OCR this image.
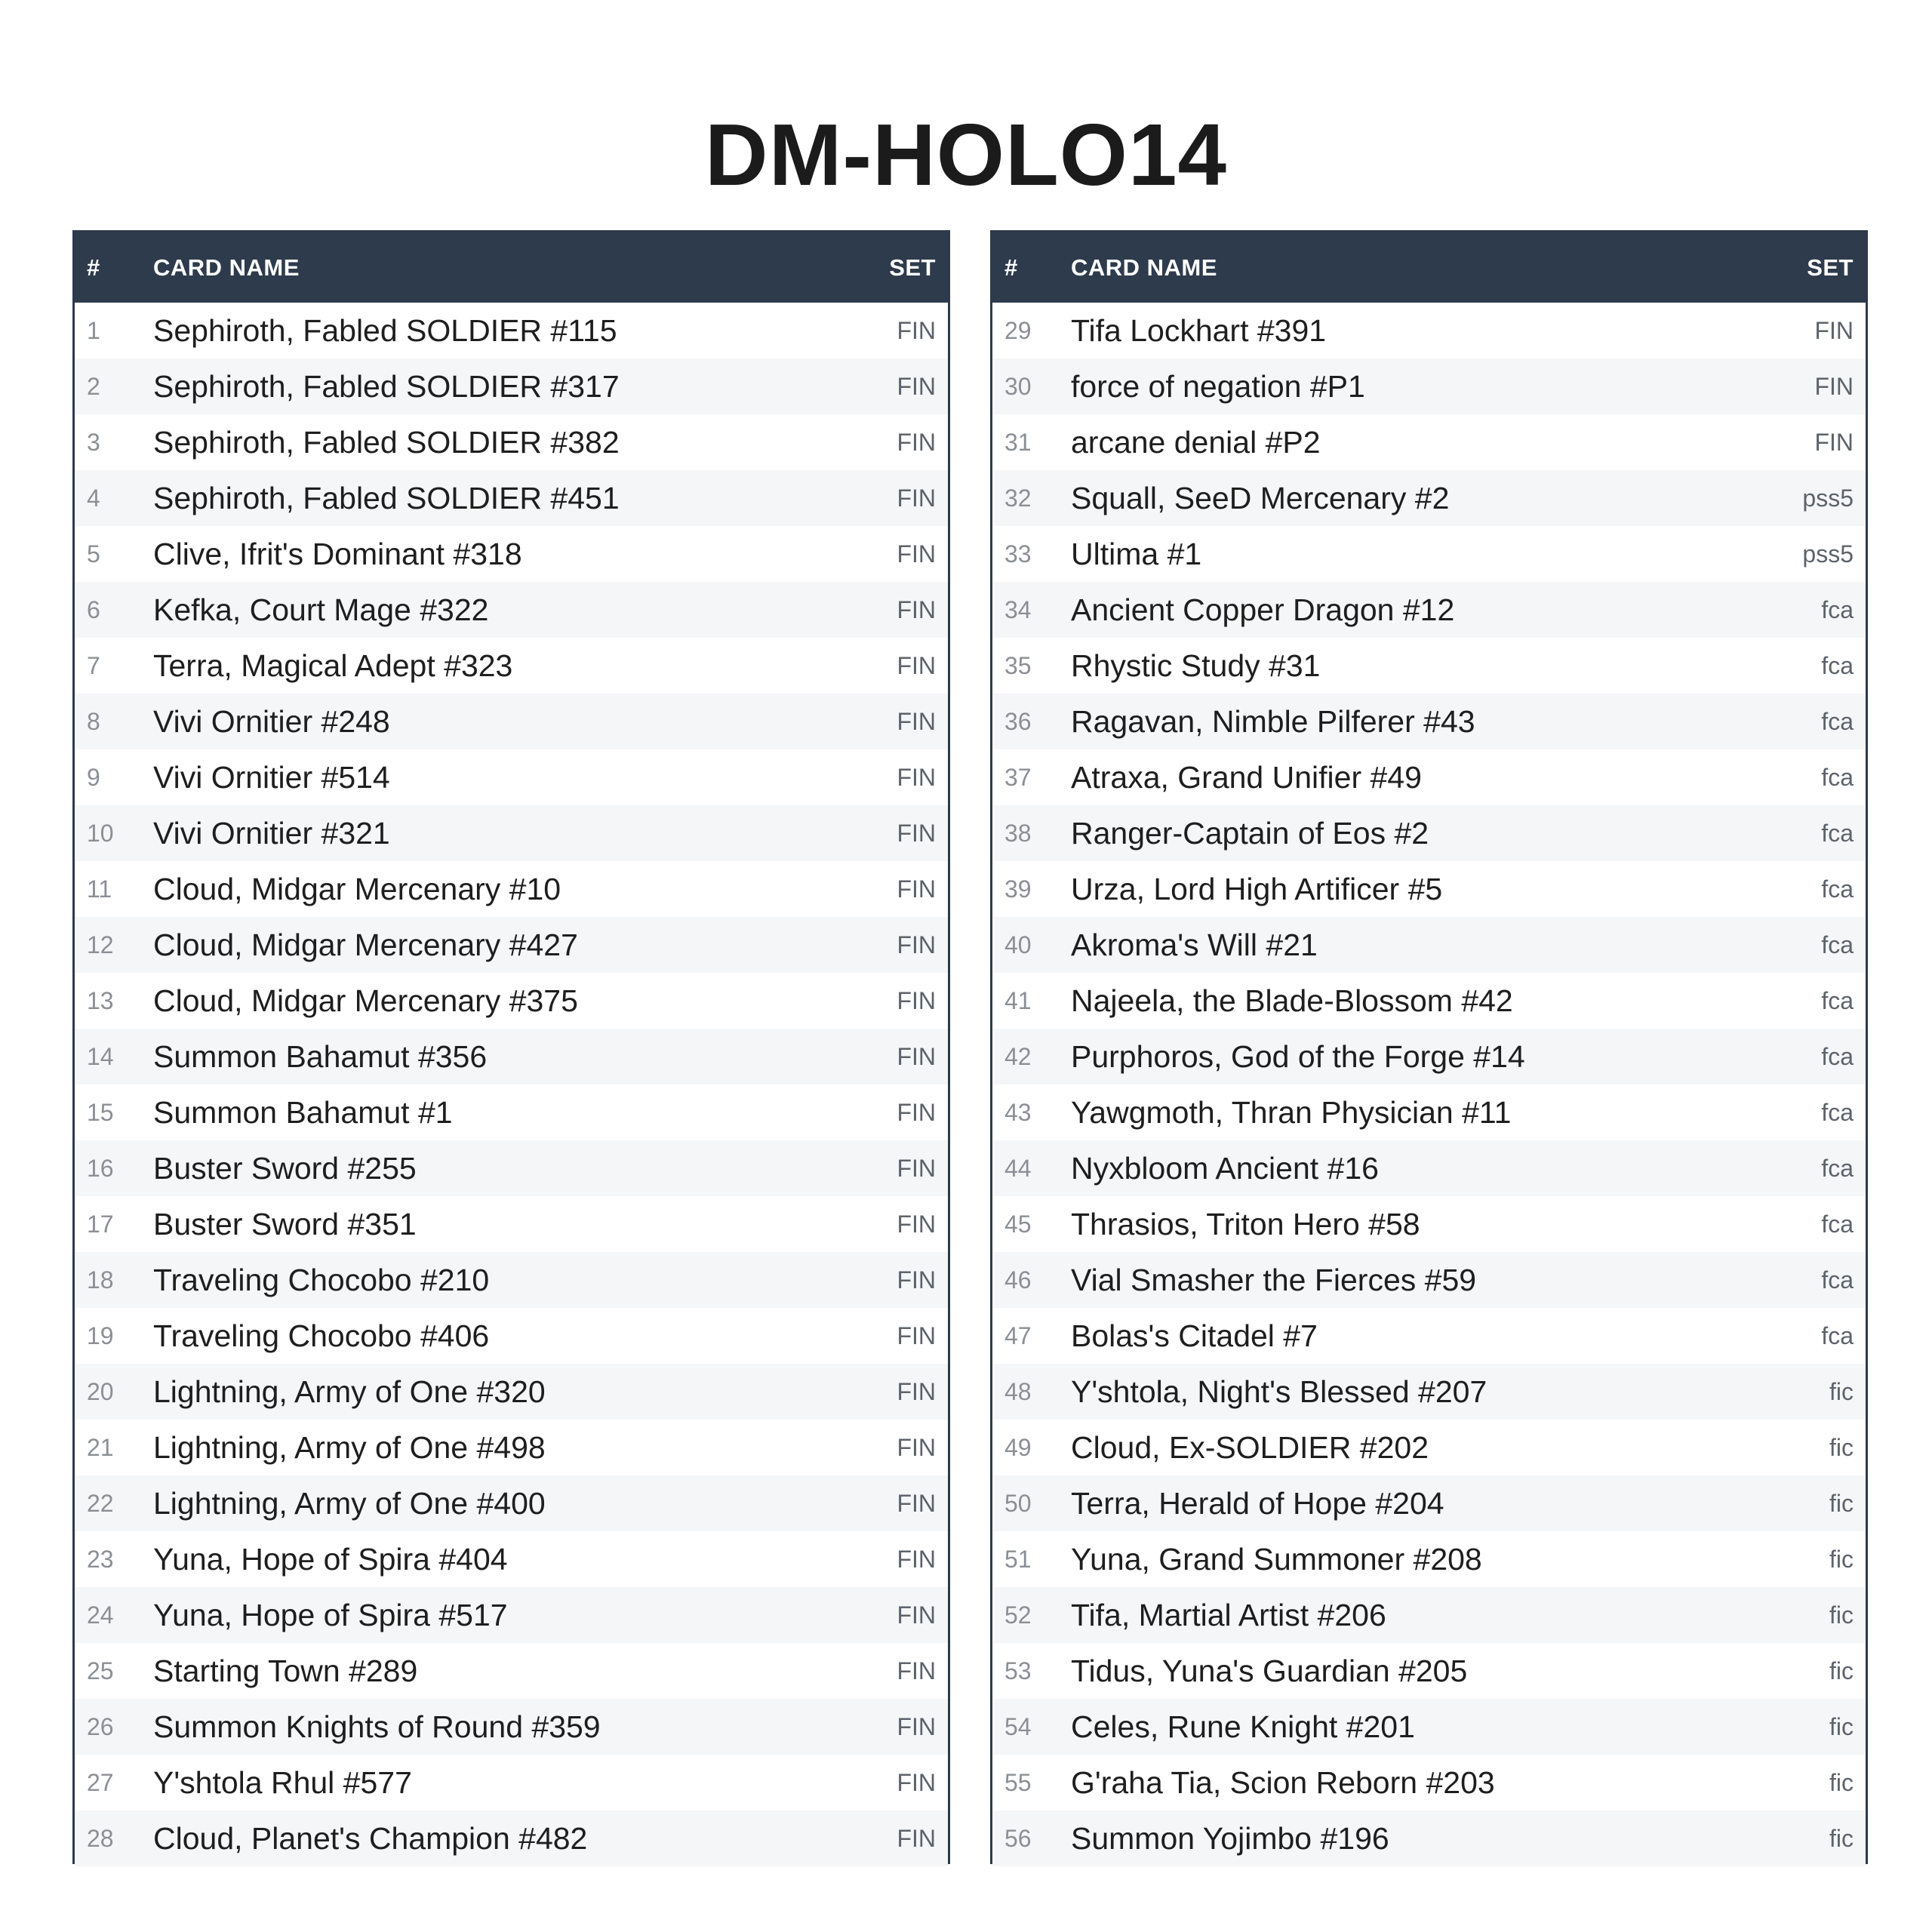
DM-HOLO14
#	CARD NAME	SET
1	Sephiroth, Fabled SOLDIER #115	FIN
2	Sephiroth, Fabled SOLDIER #317	FIN
3	Sephiroth, Fabled SOLDIER #382	FIN
4	Sephiroth, Fabled SOLDIER #451	FIN
5	Clive, Ifrit's Dominant #318	FIN
6	Kefka, Court Mage #322	FIN
7	Terra, Magical Adept #323	FIN
8	Vivi Ornitier #248	FIN
9	Vivi Ornitier #514	FIN
10	Vivi Ornitier #321	FIN
11	Cloud, Midgar Mercenary #10	FIN
12	Cloud, Midgar Mercenary #427	FIN
13	Cloud, Midgar Mercenary #375	FIN
14	Summon Bahamut #356	FIN
15	Summon Bahamut #1	FIN
16	Buster Sword #255	FIN
17	Buster Sword #351	FIN
18	Traveling Chocobo #210	FIN
19	Traveling Chocobo #406	FIN
20	Lightning, Army of One #320	FIN
21	Lightning, Army of One #498	FIN
22	Lightning, Army of One #400	FIN
23	Yuna, Hope of Spira #404	FIN
24	Yuna, Hope of Spira #517	FIN
25	Starting Town #289	FIN
26	Summon Knights of Round #359	FIN
27	Y'shtola Rhul #577	FIN
28	Cloud, Planet's Champion #482	FIN
#	CARD NAME	SET
29	Tifa Lockhart #391	FIN
30	force of negation #P1	FIN
31	arcane denial #P2	FIN
32	Squall, SeeD Mercenary #2	pss5
33	Ultima #1	pss5
34	Ancient Copper Dragon #12	fca
35	Rhystic Study #31	fca
36	Ragavan, Nimble Pilferer #43	fca
37	Atraxa, Grand Unifier #49	fca
38	Ranger-Captain of Eos #2	fca
39	Urza, Lord High Artificer #5	fca
40	Akroma's Will #21	fca
41	Najeela, the Blade-Blossom #42	fca
42	Purphoros, God of the Forge #14	fca
43	Yawgmoth, Thran Physician #11	fca
44	Nyxbloom Ancient #16	fca
45	Thrasios, Triton Hero #58	fca
46	Vial Smasher the Fierces #59	fca
47	Bolas's Citadel #7	fca
48	Y'shtola, Night's Blessed #207	fic
49	Cloud, Ex-SOLDIER #202	fic
50	Terra, Herald of Hope #204	fic
51	Yuna, Grand Summoner #208	fic
52	Tifa, Martial Artist #206	fic
53	Tidus, Yuna's Guardian #205	fic
54	Celes, Rune Knight #201	fic
55	G'raha Tia, Scion Reborn #203	fic
56	Summon Yojimbo #196	fic
